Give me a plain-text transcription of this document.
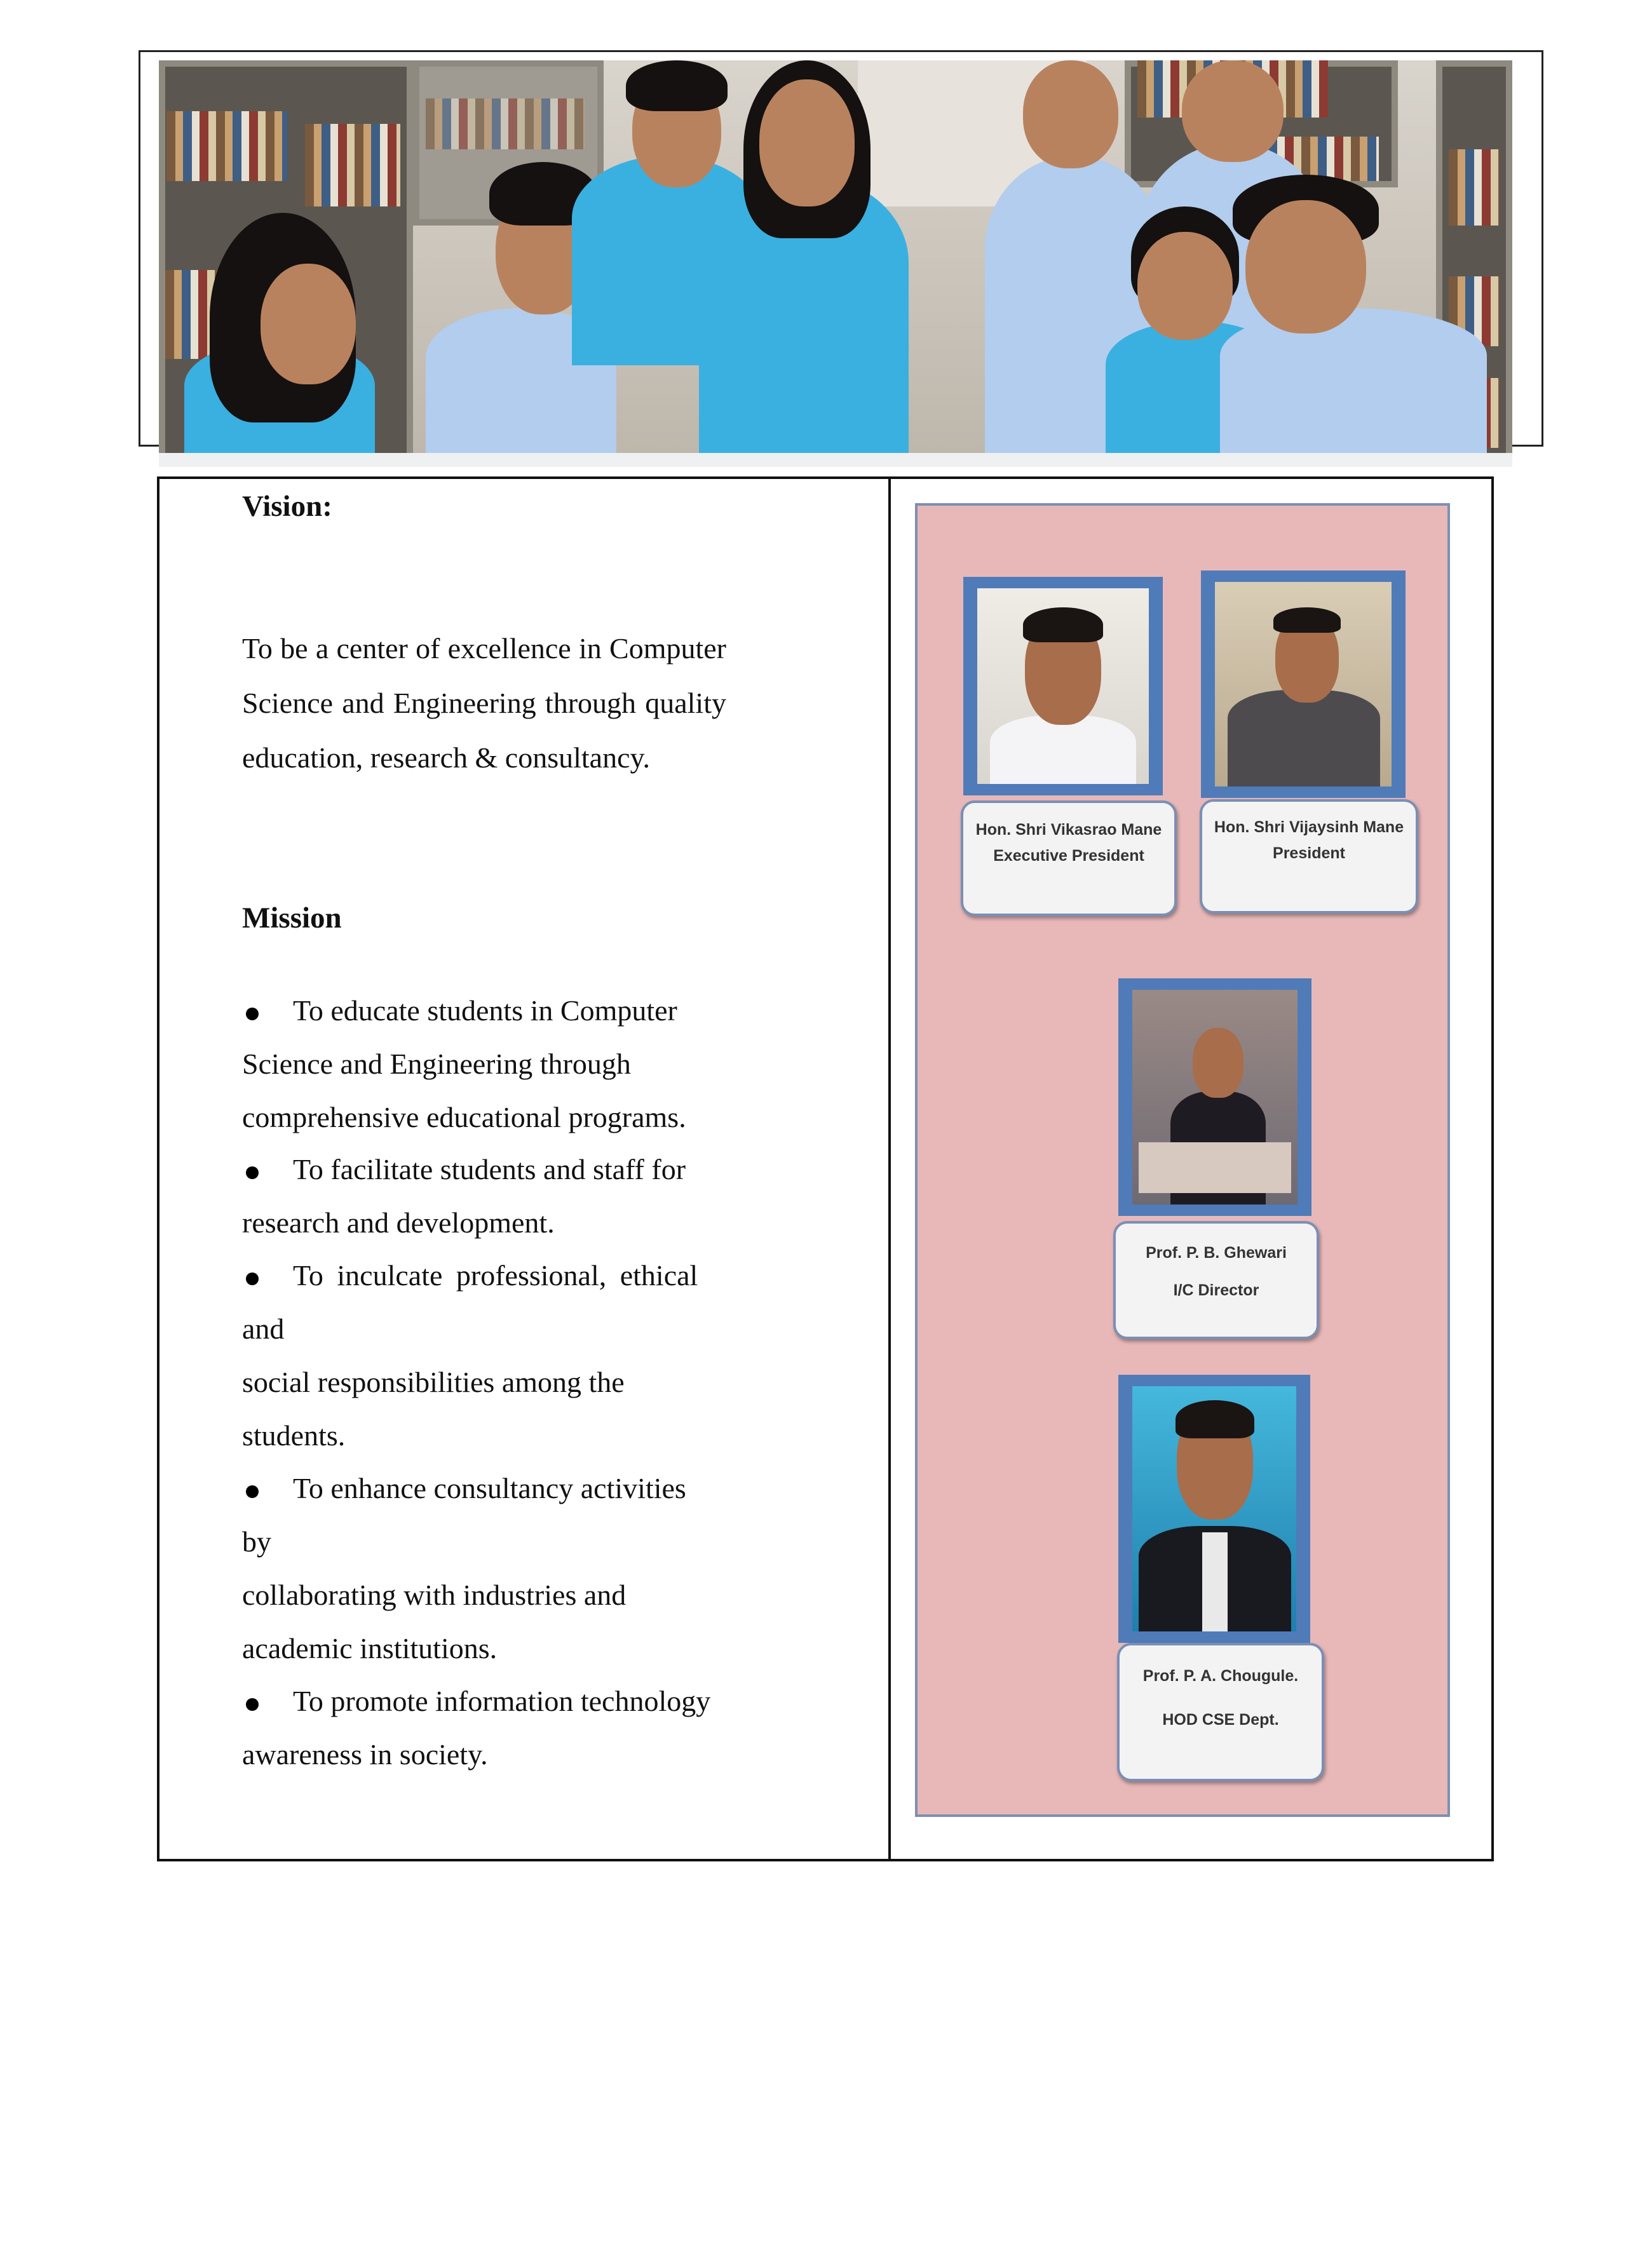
Vision:
To be a center of excellence in Computer Science and Engineering through quality education, research & consultancy.
Mission
To educate students in Computer
Science and Engineering through
comprehensive educational programs.
To facilitate students and staff for
research and development.
To inculcate professional, ethical
and
social responsibilities among the
students.
To enhance consultancy activities
by
collaborating with industries and
academic institutions.
To promote information technology
awareness in society.
Hon. Shri Vikasrao Mane
Executive President
Hon. Shri Vijaysinh Mane
President
Prof. P. B. Ghewari
I/C Director
Prof. P. A. Chougule.
HOD CSE Dept.
